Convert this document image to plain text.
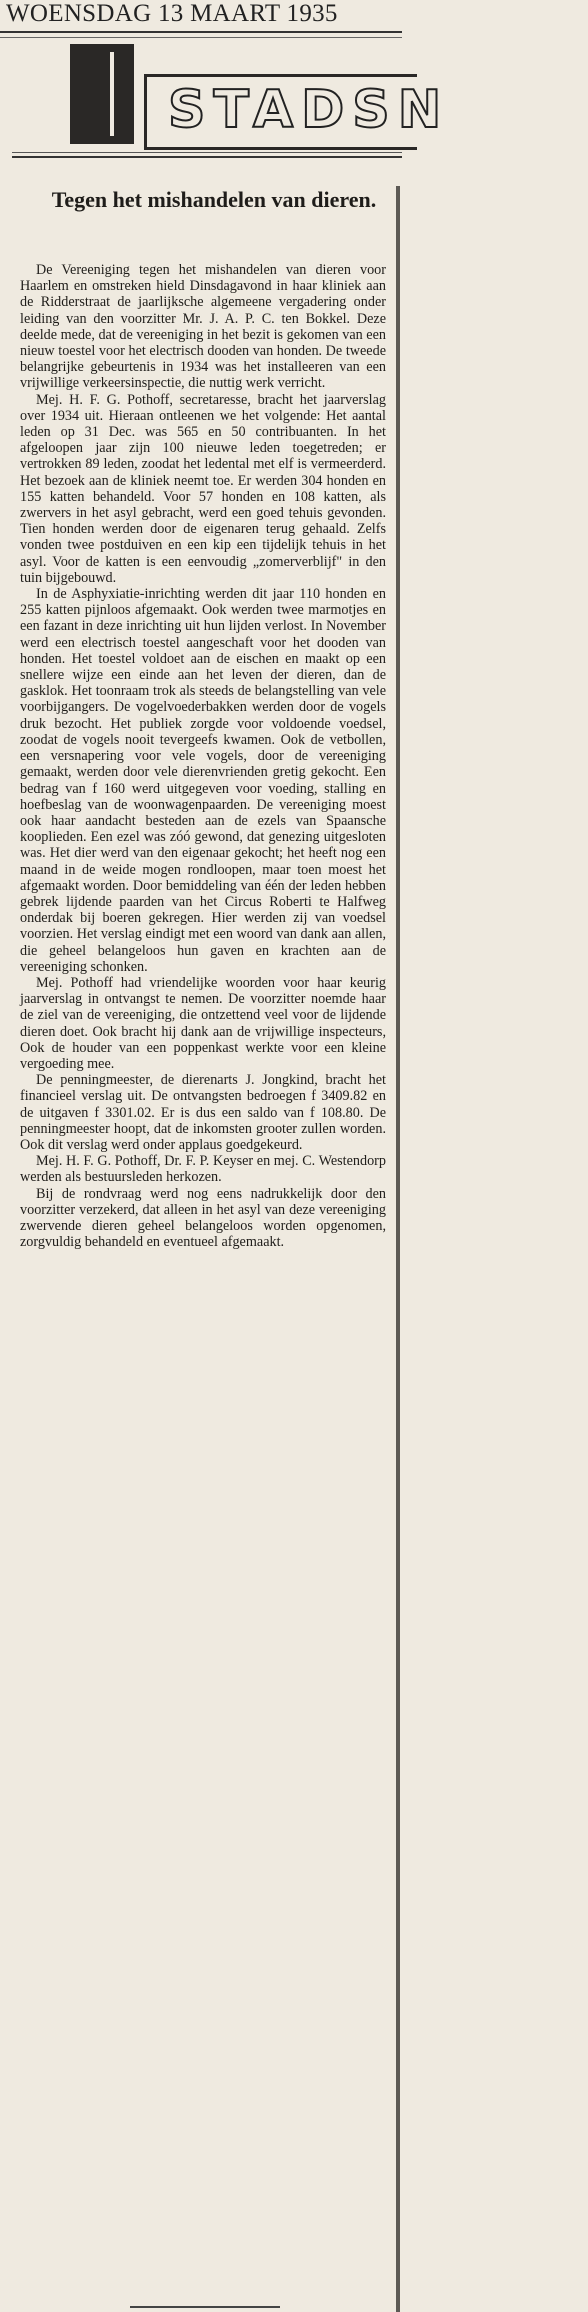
WOENSDAG 13 MAART 1935
STADSN
Tegen het mishandelen van dieren.

De Vereeniging tegen het mishandelen van dieren voor Haarlem en omstreken hield Dinsdagavond in haar kliniek aan de Ridderstraat de jaarlijksche algemeene vergadering onder leiding van den voorzitter Mr. J. A. P. C. ten Bokkel. Deze deelde mede, dat de vereeniging in het bezit is gekomen van een nieuw toestel voor het electrisch dooden van honden. De tweede belangrijke gebeurtenis in 1934 was het installeeren van een vrijwillige verkeersinspectie, die nuttig werk verricht.

Mej. H. F. G. Pothoff, secretaresse, bracht het jaarverslag over 1934 uit. Hieraan ontleenen we het volgende: Het aantal leden op 31 Dec. was 565 en 50 contribuanten. In het afgeloopen jaar zijn 100 nieuwe leden toegetreden; er vertrokken 89 leden, zoodat het ledental met elf is vermeerderd. Het bezoek aan de kliniek neemt toe. Er werden 304 honden en 155 katten behandeld. Voor 57 honden en 108 katten, als zwervers in het asyl gebracht, werd een goed tehuis gevonden. Tien honden werden door de eigenaren terug gehaald. Zelfs vonden twee postduiven en een kip een tijdelijk tehuis in het asyl. Voor de katten is een eenvoudig „zomerverblijf" in den tuin bijgebouwd.

In de Asphyxiatie-inrichting werden dit jaar 110 honden en 255 katten pijnloos afgemaakt. Ook werden twee marmotjes en een fazant in deze inrichting uit hun lijden verlost. In November werd een electrisch toestel aangeschaft voor het dooden van honden. Het toestel voldoet aan de eischen en maakt op een snellere wijze een einde aan het leven der dieren, dan de gasklok. Het toonraam trok als steeds de belangstelling van vele voorbijgangers. De vogelvoederbakken werden door de vogels druk bezocht. Het publiek zorgde voor voldoende voedsel, zoodat de vogels nooit tevergeefs kwamen. Ook de vetbollen, een versnapering voor vele vogels, door de vereeniging gemaakt, werden door vele dierenvrienden gretig gekocht. Een bedrag van f 160 werd uitgegeven voor voeding, stalling en hoefbeslag van de woonwagenpaarden. De vereeniging moest ook haar aandacht besteden aan de ezels van Spaansche kooplieden. Een ezel was zóó gewond, dat genezing uitgesloten was. Het dier werd van den eigenaar gekocht; het heeft nog een maand in de weide mogen rondloopen, maar toen moest het afgemaakt worden. Door bemiddeling van één der leden hebben gebrek lijdende paarden van het Circus Roberti te Halfweg onderdak bij boeren gekregen. Hier werden zij van voedsel voorzien. Het verslag eindigt met een woord van dank aan allen, die geheel belangeloos hun gaven en krachten aan de vereeniging schonken.

Mej. Pothoff had vriendelijke woorden voor haar keurig jaarverslag in ontvangst te nemen. De voorzitter noemde haar de ziel van de vereeniging, die ontzettend veel voor de lijdende dieren doet. Ook bracht hij dank aan de vrijwillige inspecteurs, Ook de houder van een poppenkast werkte voor een kleine vergoeding mee.

De penningmeester, de dierenarts J. Jongkind, bracht het financieel verslag uit. De ontvangsten bedroegen f 3409.82 en de uitgaven f 3301.02. Er is dus een saldo van f 108.80. De penningmeester hoopt, dat de inkomsten grooter zullen worden. Ook dit verslag werd onder applaus goedgekeurd.

Mej. H. F. G. Pothoff, Dr. F. P. Keyser en mej. C. Westendorp werden als bestuursleden herkozen.

Bij de rondvraag werd nog eens nadrukkelijk door den voorzitter verzekerd, dat alleen in het asyl van deze vereeniging zwervende dieren geheel belangeloos worden opgenomen, zorgvuldig behandeld en eventueel afgemaakt.
